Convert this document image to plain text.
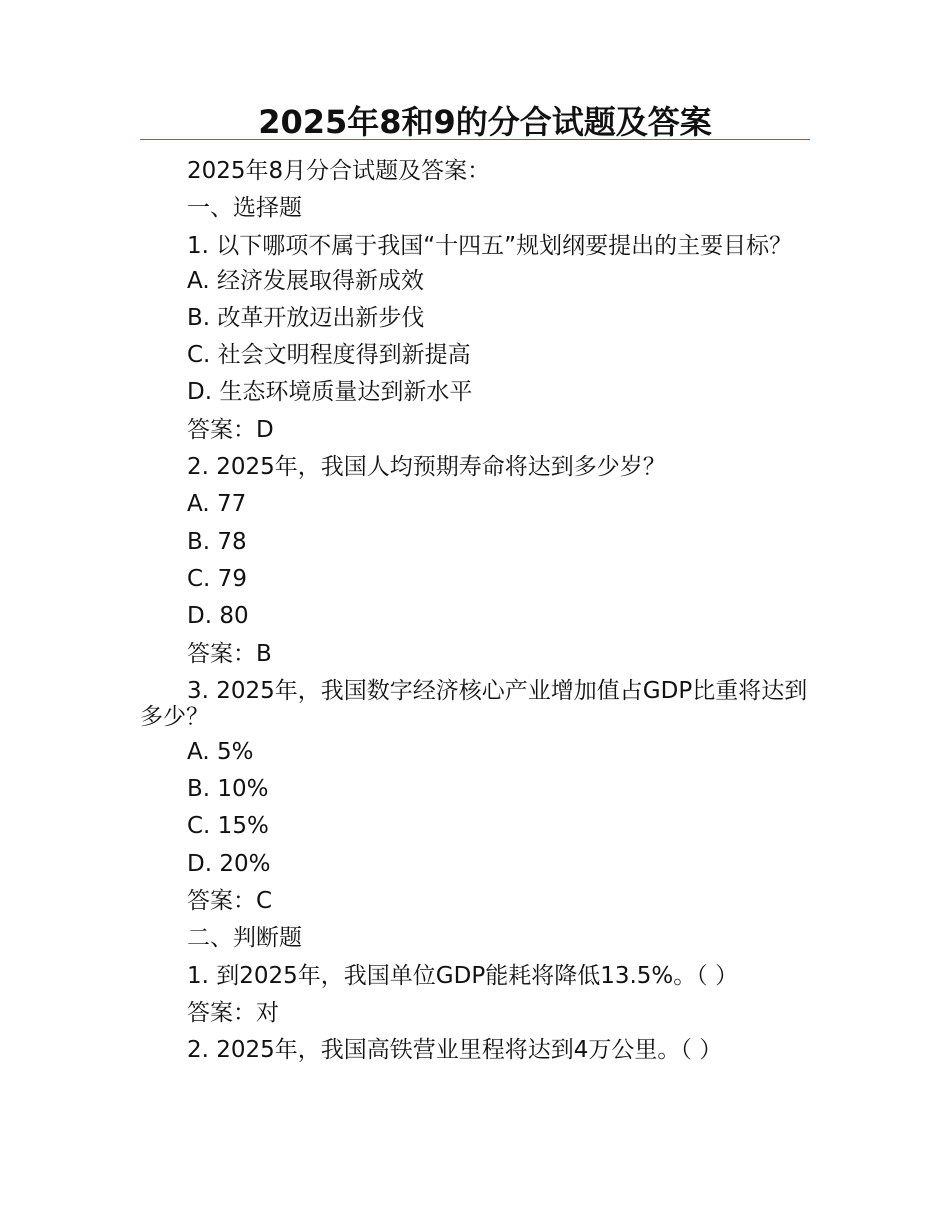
2025年8和9的分合试题及答案

2025年8月分合试题及答案：

一、选择题

1. 以下哪项不属于我国“十四五”规划纲要提出的主要目标？

A. 经济发展取得新成效

B. 改革开放迈出新步伐

C. 社会文明程度得到新提高

D. 生态环境质量达到新水平

答案：D

2. 2025年，我国人均预期寿命将达到多少岁？

A. 77

B. 78

C. 79

D. 80

答案：B

3. 2025年，我国数字经济核心产业增加值占GDP比重将达到多少？

A. 5%

B. 10%

C. 15%

D. 20%

答案：C

二、判断题

1. 到2025年，我国单位GDP能耗将降低13.5%。（ ）

答案：对

2. 2025年，我国高铁营业里程将达到4万公里。（ ）
